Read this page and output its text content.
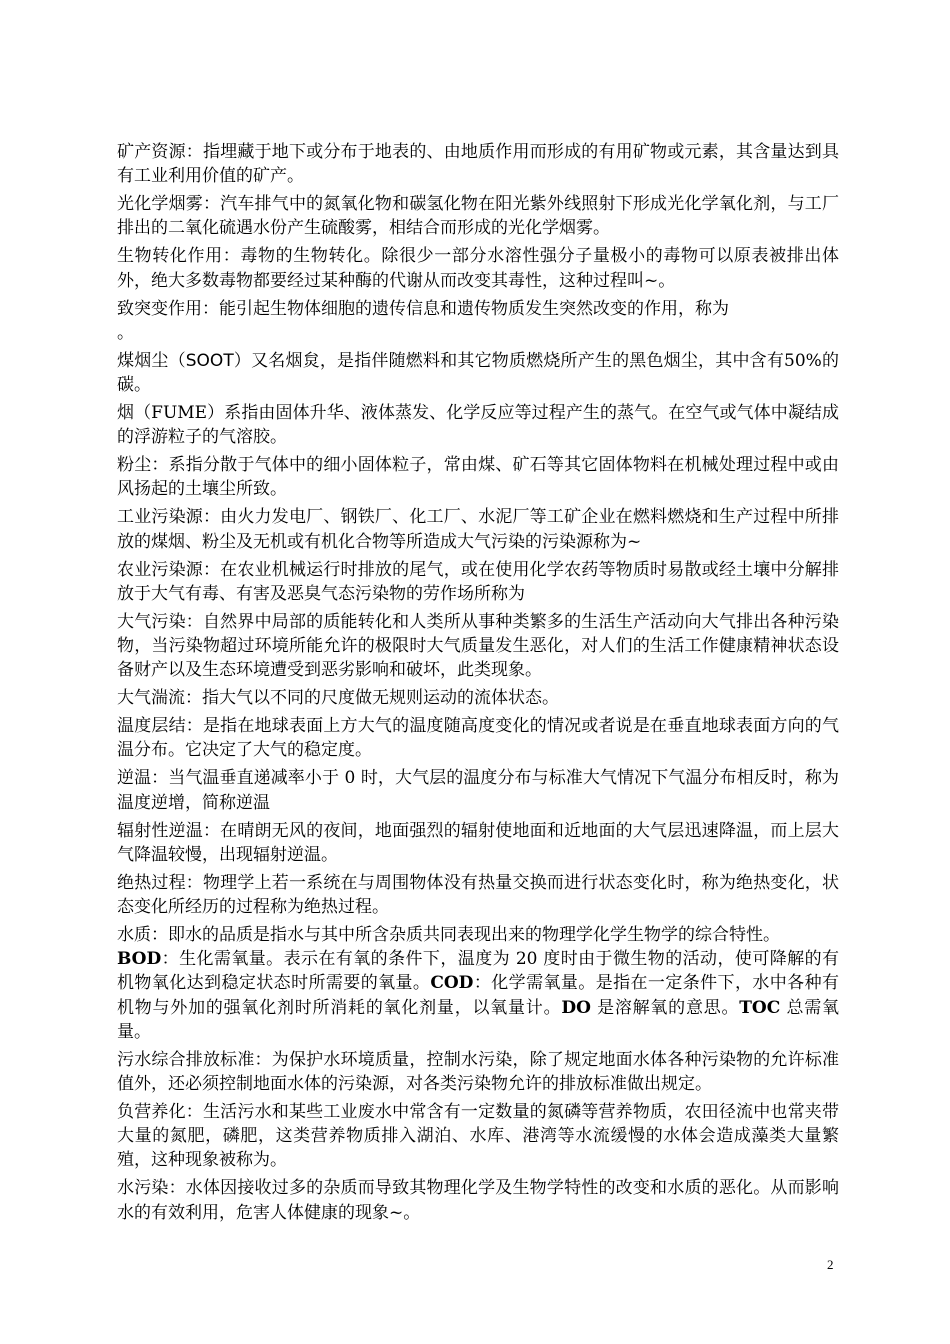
矿产资源：指埋藏于地下或分布于地表的、由地质作用而形成的有用矿物或元素，其含量达到具有工业利用价值的矿产。

光化学烟雾：汽车排气中的氮氧化物和碳氢化物在阳光紫外线照射下形成光化学氧化剂，与工厂排出的二氧化硫遇水份产生硫酸雾，相结合而形成的光化学烟雾。

生物转化作用：毒物的生物转化。除很少一部分水溶性强分子量极小的毒物可以原表被排出体外，绝大多数毒物都要经过某种酶的代谢从而改变其毒性，这种过程叫~。

致突变作用：能引起生物体细胞的遗传信息和遗传物质发生突然改变的作用，称为
。

煤烟尘（SOOT）又名烟炱，是指伴随燃料和其它物质燃烧所产生的黑色烟尘，其中含有50%的碳。

烟（FUME）系指由固体升华、液体蒸发、化学反应等过程产生的蒸气。在空气或气体中凝结成的浮游粒子的气溶胶。

粉尘：系指分散于气体中的细小固体粒子，常由煤、矿石等其它固体物料在机械处理过程中或由风扬起的土壤尘所致。

工业污染源：由火力发电厂、钢铁厂、化工厂、水泥厂等工矿企业在燃料燃烧和生产过程中所排放的煤烟、粉尘及无机或有机化合物等所造成大气污染的污染源称为~

农业污染源：在农业机械运行时排放的尾气，或在使用化学农药等物质时易散或经土壤中分解排放于大气有毒、有害及恶臭气态污染物的劳作场所称为

大气污染：自然界中局部的质能转化和人类所从事种类繁多的生活生产活动向大气排出各种污染物，当污染物超过环境所能允许的极限时大气质量发生恶化，对人们的生活工作健康精神状态设备财产以及生态环境遭受到恶劣影响和破坏，此类现象。

大气湍流：指大气以不同的尺度做无规则运动的流体状态。

温度层结：是指在地球表面上方大气的温度随高度变化的情况或者说是在垂直地球表面方向的气温分布。它决定了大气的稳定度。

逆温：当气温垂直递减率小于 0 时，大气层的温度分布与标准大气情况下气温分布相反时，称为温度逆增，简称逆温

辐射性逆温：在晴朗无风的夜间，地面强烈的辐射使地面和近地面的大气层迅速降温，而上层大气降温较慢，出现辐射逆温。

绝热过程：物理学上若一系统在与周围物体没有热量交换而进行状态变化时，称为绝热变化，状态变化所经历的过程称为绝热过程。

水质：即水的品质是指水与其中所含杂质共同表现出来的物理学化学生物学的综合特性。

BOD：生化需氧量。表示在有氧的条件下，温度为 20 度时由于微生物的活动，使可降解的有机物氧化达到稳定状态时所需要的氧量。COD：化学需氧量。是指在一定条件下，水中各种有机物与外加的强氧化剂时所消耗的氧化剂量，以氧量计。DO 是溶解氧的意思。TOC 总需氧量。

污水综合排放标准：为保护水环境质量，控制水污染，除了规定地面水体各种污染物的允许标准值外，还必须控制地面水体的污染源，对各类污染物允许的排放标准做出规定。

负营养化：生活污水和某些工业废水中常含有一定数量的氮磷等营养物质，农田径流中也常夹带大量的氮肥，磷肥，这类营养物质排入湖泊、水库、港湾等水流缓慢的水体会造成藻类大量繁殖，这种现象被称为。

水污染：水体因接收过多的杂质而导致其物理化学及生物学特性的改变和水质的恶化。从而影响水的有效利用，危害人体健康的现象~。

2
